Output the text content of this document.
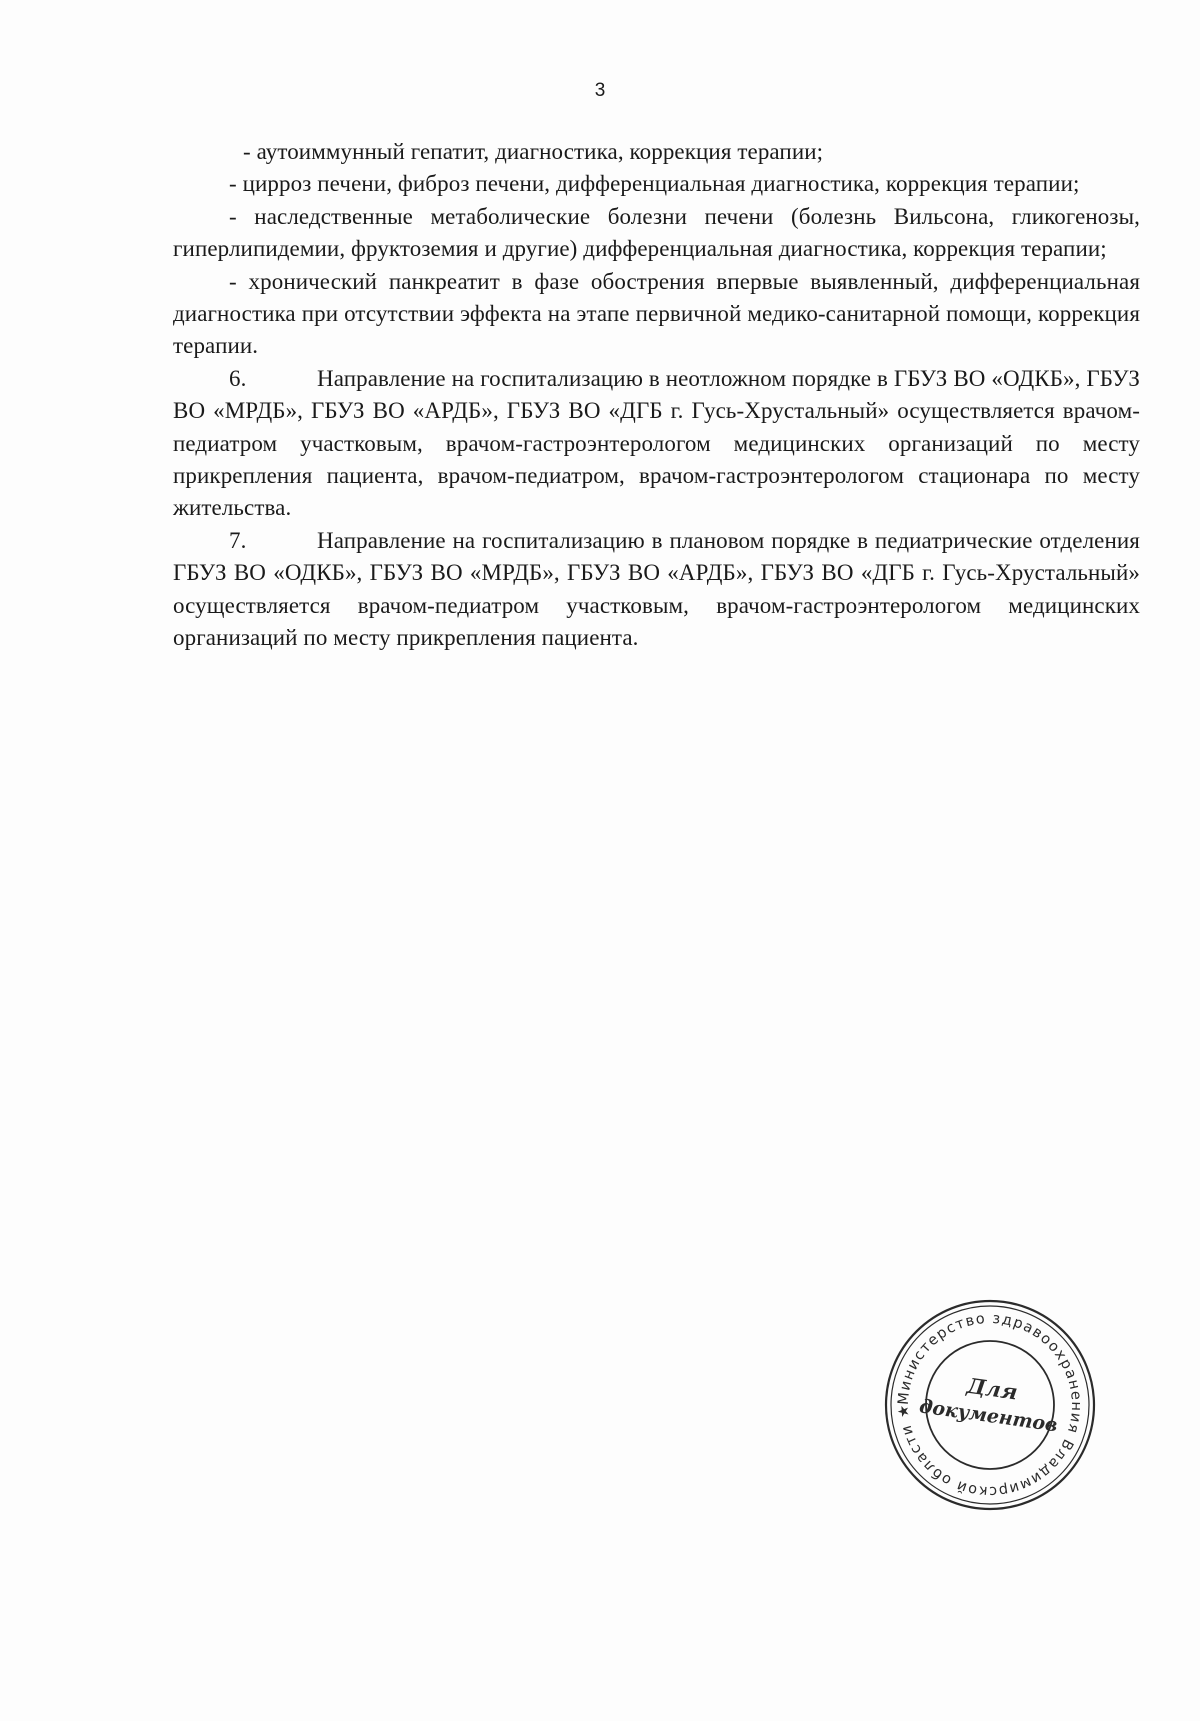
3

- аутоиммунный гепатит, диагностика, коррекция терапии;

- цирроз печени, фиброз печени, дифференциальная диагностика, коррекция терапии;

- наследственные метаболические болезни печени (болезнь Вильсона, гликогенозы, гиперлипидемии, фруктоземия и другие) дифференциальная диагностика, коррекция терапии;

- хронический панкреатит в фазе обострения впервые выявленный, дифференциальная диагностика при отсутствии эффекта на этапе первичной медико-санитарной помощи, коррекция терапии.

6.	Направление на госпитализацию в неотложном порядке в ГБУЗ ВО «ОДКБ», ГБУЗ ВО «МРДБ», ГБУЗ ВО «АРДБ», ГБУЗ ВО «ДГБ г. Гусь-Хрустальный» осуществляется врачом-педиатром участковым, врачом-гастроэнтерологом медицинских организаций по месту прикрепления пациента, врачом-педиатром, врачом-гастроэнтерологом стационара по месту жительства.

7.	Направление на госпитализацию в плановом порядке в педиатрические отделения ГБУЗ ВО «ОДКБ», ГБУЗ ВО «МРДБ», ГБУЗ ВО «АРДБ», ГБУЗ ВО «ДГБ г. Гусь-Хрустальный» осуществляется врачом-педиатром участковым, врачом-гастроэнтерологом медицинских организаций по месту прикрепления пациента.

Министерство здравоохранения Владимирской области ★
Для
документов
